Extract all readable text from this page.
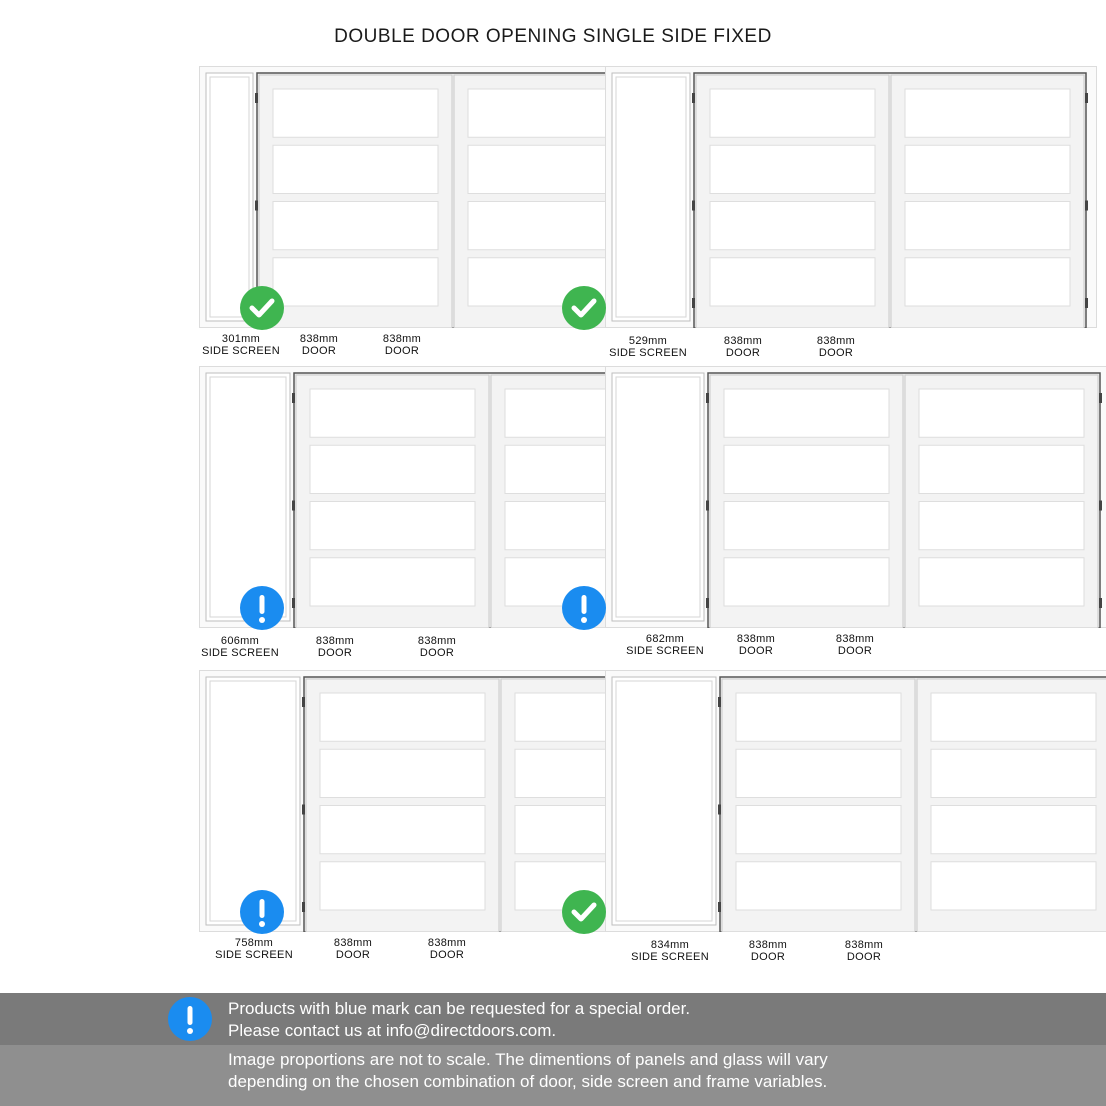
DOUBLE DOOR OPENING SINGLE SIDE FIXED
301mm
SIDE SCREEN
838mm
DOOR
838mm
DOOR
529mm
SIDE SCREEN
838mm
DOOR
838mm
DOOR
606mm
SIDE SCREEN
838mm
DOOR
838mm
DOOR
682mm
SIDE SCREEN
838mm
DOOR
838mm
DOOR
758mm
SIDE SCREEN
838mm
DOOR
838mm
DOOR
834mm
SIDE SCREEN
838mm
DOOR
838mm
DOOR
Products with blue mark can be requested for a special order.
Please contact us at info@directdoors.com.
Image proportions are not to scale. The dimentions of panels and glass will vary
depending on the chosen combination of door, side screen and frame variables.
